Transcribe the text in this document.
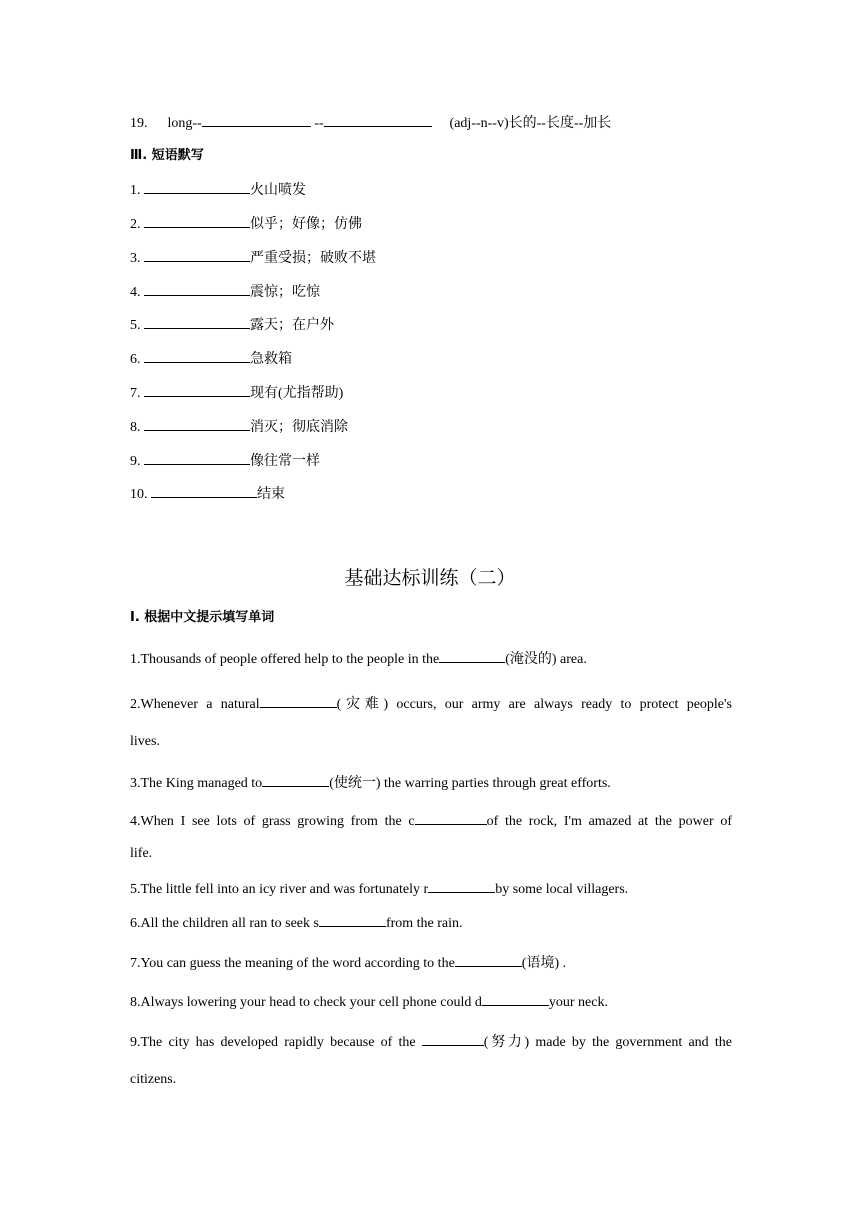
19. long--	--	(adj--n--v)长的--长度--加长
Ⅲ. 短语默写
1.	火山喷发
2.	似乎；好像；仿佛
3.	严重受损；破败不堪
4.	震惊；吃惊
5.	露天；在户外
6.	急救箱
7.	现有(尤指帮助)
8.	消灭；彻底消除
9.	像往常一样
10.	结束
基础达标训练（二）
Ⅰ. 根据中文提示填写单词
1.Thousands of people offered help to the people in the	(淹没的) area.
2.Whenever a natural	(灾难) occurs, our army are always ready to protect people's
lives.
3.The King managed to	(使统一) the warring parties through great efforts.
4.When I see lots of grass growing from the c	of the rock, I'm amazed at the power of
life.
5.The little fell into an icy river and was fortunately r	by some local villagers.
6.All the children all ran to seek s	from the rain.
7.You can guess the meaning of the word according to the	(语境) .
8.Always lowering your head to check your cell phone could d	your neck.
9.The city has developed rapidly because of the	(努力) made by the government and the
citizens.
